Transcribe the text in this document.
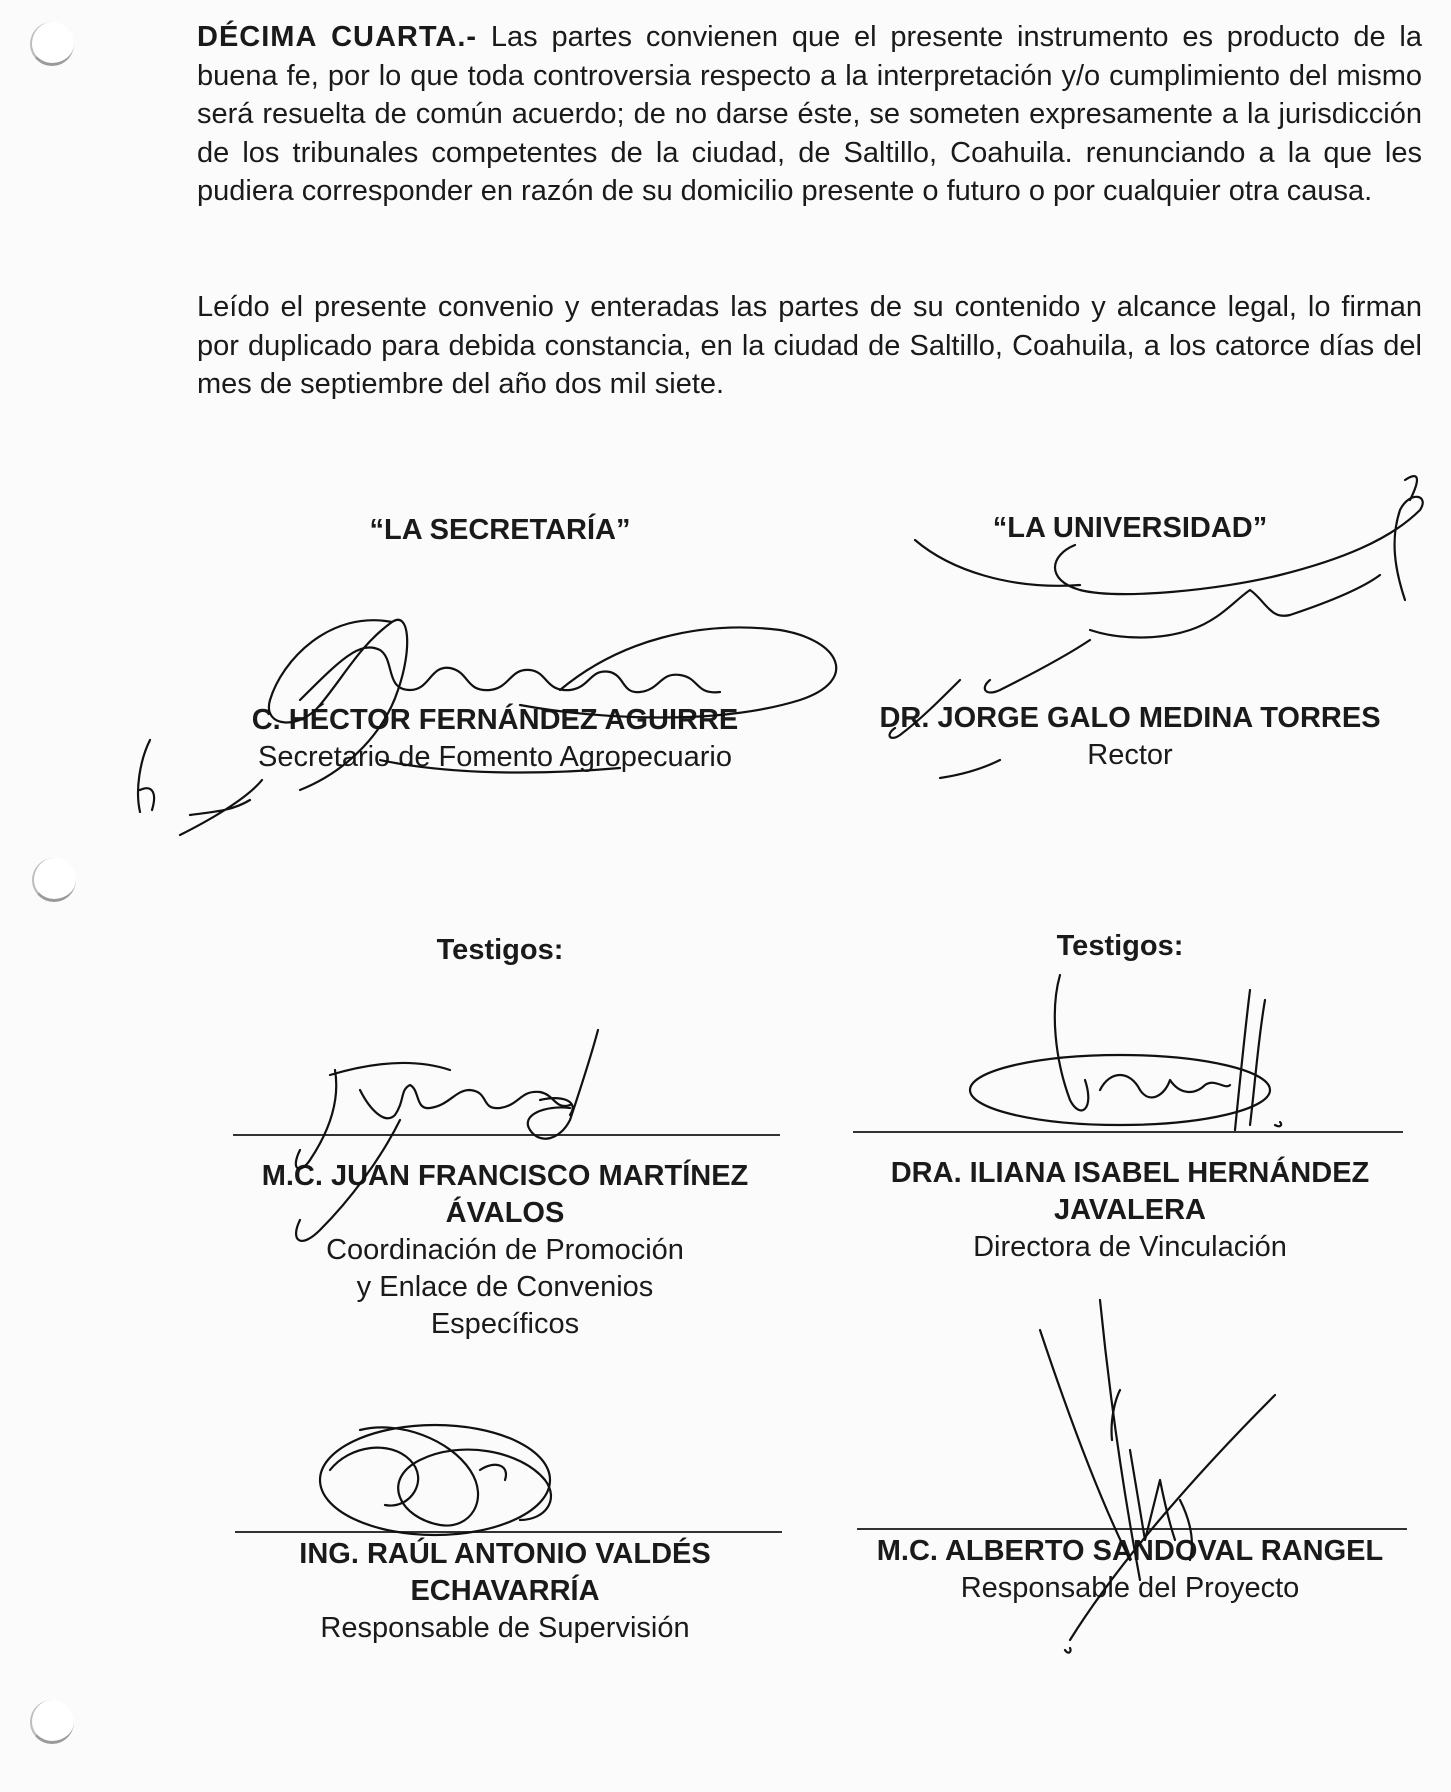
DÉCIMA CUARTA.- Las partes convienen que el presente instrumento es producto de la buena fe, por lo que toda controversia respecto a la interpretación y/o cumplimiento del mismo será resuelta de común acuerdo; de no darse éste, se someten expresamente a la jurisdicción de los tribunales competentes de la ciudad, de Saltillo, Coahuila. renunciando a la que les pudiera corresponder en razón de su domicilio presente o futuro o por cualquier otra causa.

Leído el presente convenio y enteradas las partes de su contenido y alcance legal, lo firman por duplicado para debida constancia, en la ciudad de Saltillo, Coahuila, a los catorce días del mes de septiembre del año dos mil siete.

“LA SECRETARÍA”
C. HÉCTOR FERNÁNDEZ AGUIRRE
Secretario de Fomento Agropecuario
“LA UNIVERSIDAD”
DR. JORGE GALO MEDINA TORRES
Rector
Testigos:	Testigos:
M.C. JUAN FRANCISCO MARTÍNEZ
ÁVALOS
Coordinación de Promoción
y Enlace de Convenios
Específicos
DRA. ILIANA ISABEL HERNÁNDEZ
JAVALERA
Directora de Vinculación
ING. RAÚL ANTONIO VALDÉS
ECHAVARRÍA
Responsable de Supervisión
M.C. ALBERTO SANDOVAL RANGEL
Responsable del Proyecto
